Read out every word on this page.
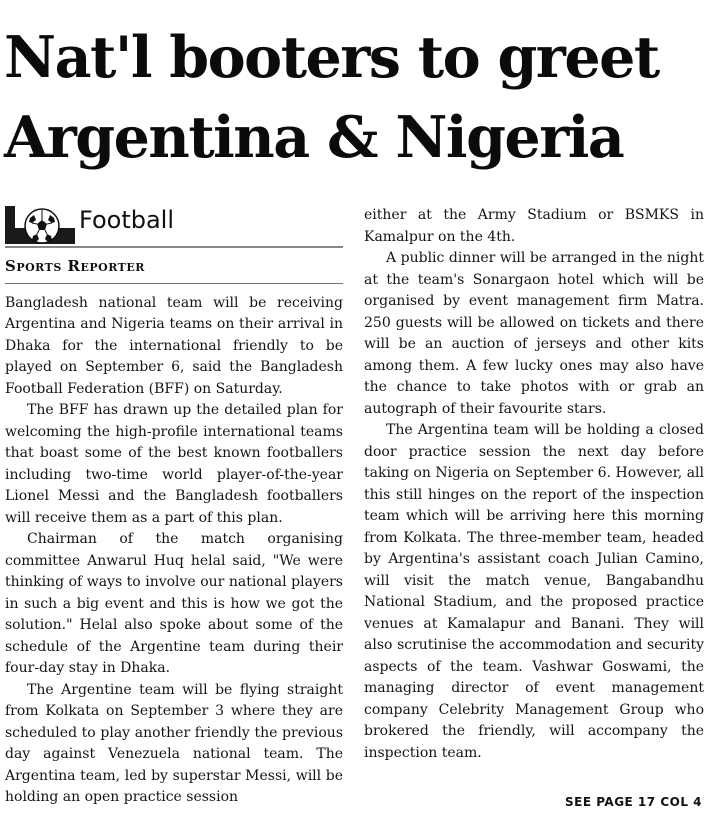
Nat'l booters to greet
Argentina & Nigeria
Football
Sports Reporter

Bangladesh national team will be receiving Argentina and Nigeria teams on their arrival in Dhaka for the international friendly to be played on September 6, said the Bangladesh Football Federation (BFF) on Saturday.

The BFF has drawn up the detailed plan for welcoming the high-profile international teams that boast some of the best known footballers including two-time world player-of-the-year Lionel Messi and the Bangladesh footballers will receive them as a part of this plan.

Chairman of the match organising committee Anwarul Huq helal said, "We were thinking of ways to involve our national players in such a big event and this is how we got the solution." Helal also spoke about some of the schedule of the Argentine team during their four-day stay in Dhaka.

The Argentine team will be flying straight from Kolkata on September 3 where they are scheduled to play another friendly the previous day against Venezuela national team. The Argentina team, led by superstar Messi, will be holding an open practice session

either at the Army Stadium or BSMKS in Kamalpur on the 4th.

A public dinner will be arranged in the night at the team's Sonargaon hotel which will be organised by event management firm Matra. 250 guests will be allowed on tickets and there will be an auction of jerseys and other kits among them. A few lucky ones may also have the chance to take photos with or grab an autograph of their favourite stars.

The Argentina team will be holding a closed door practice session the next day before taking on Nigeria on September 6. However, all this still hinges on the report of the inspection team which will be arriving here this morning from Kolkata. The three-member team, headed by Argentina's assistant coach Julian Camino, will visit the match venue, Bangabandhu National Stadium, and the proposed practice venues at Kamalapur and Banani. They will also scrutinise the accommodation and security aspects of the team. Vashwar Goswami, the managing director of event management company Celebrity Management Group who brokered the friendly, will accompany the inspection team.

SEE PAGE 17 COL 4
